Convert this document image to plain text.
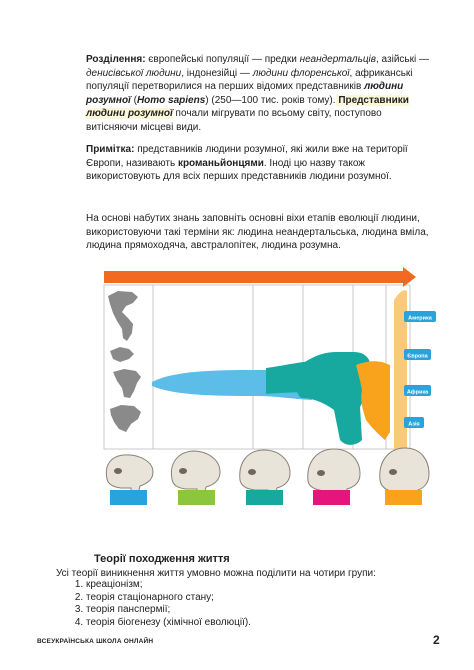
Розділення: європейські популяції — предки неандертальців, азійські — денисівської людини, індонезійці — людини флоренської, африканські популяції перетворилися на перших відомих представників людини розумної (Homo sapiens) (250—100 тис. років тому). Представники людини розумної почали мігрувати по всьому світу, поступово витісняючи місцеві види.
Примітка: представників людини розумної, які жили вже на території Європи, називають кроманьйонцями. Іноді цю назву також використовують для всіх перших представників людини розумної.
На основі набутих знань заповніть основні віхи етапів еволюції людини, використовуючи такі терміни як: людина неандертальська, людина вміла, людина прямоходяча, австралопітек, людина розумна.
Америка
Європа
Африка
Азія
Теорії походження життя
Усі теорії виникнення життя умовно можна поділити на чотири групи:
1. креаціонізм;
2. теорія стаціонарного стану;
3. теорія панспермії;
4. теорія біогенезу (хімічної еволюції).
ВСЕУКРАЇНСЬКА ШКОЛА ОНЛАЙН	2
